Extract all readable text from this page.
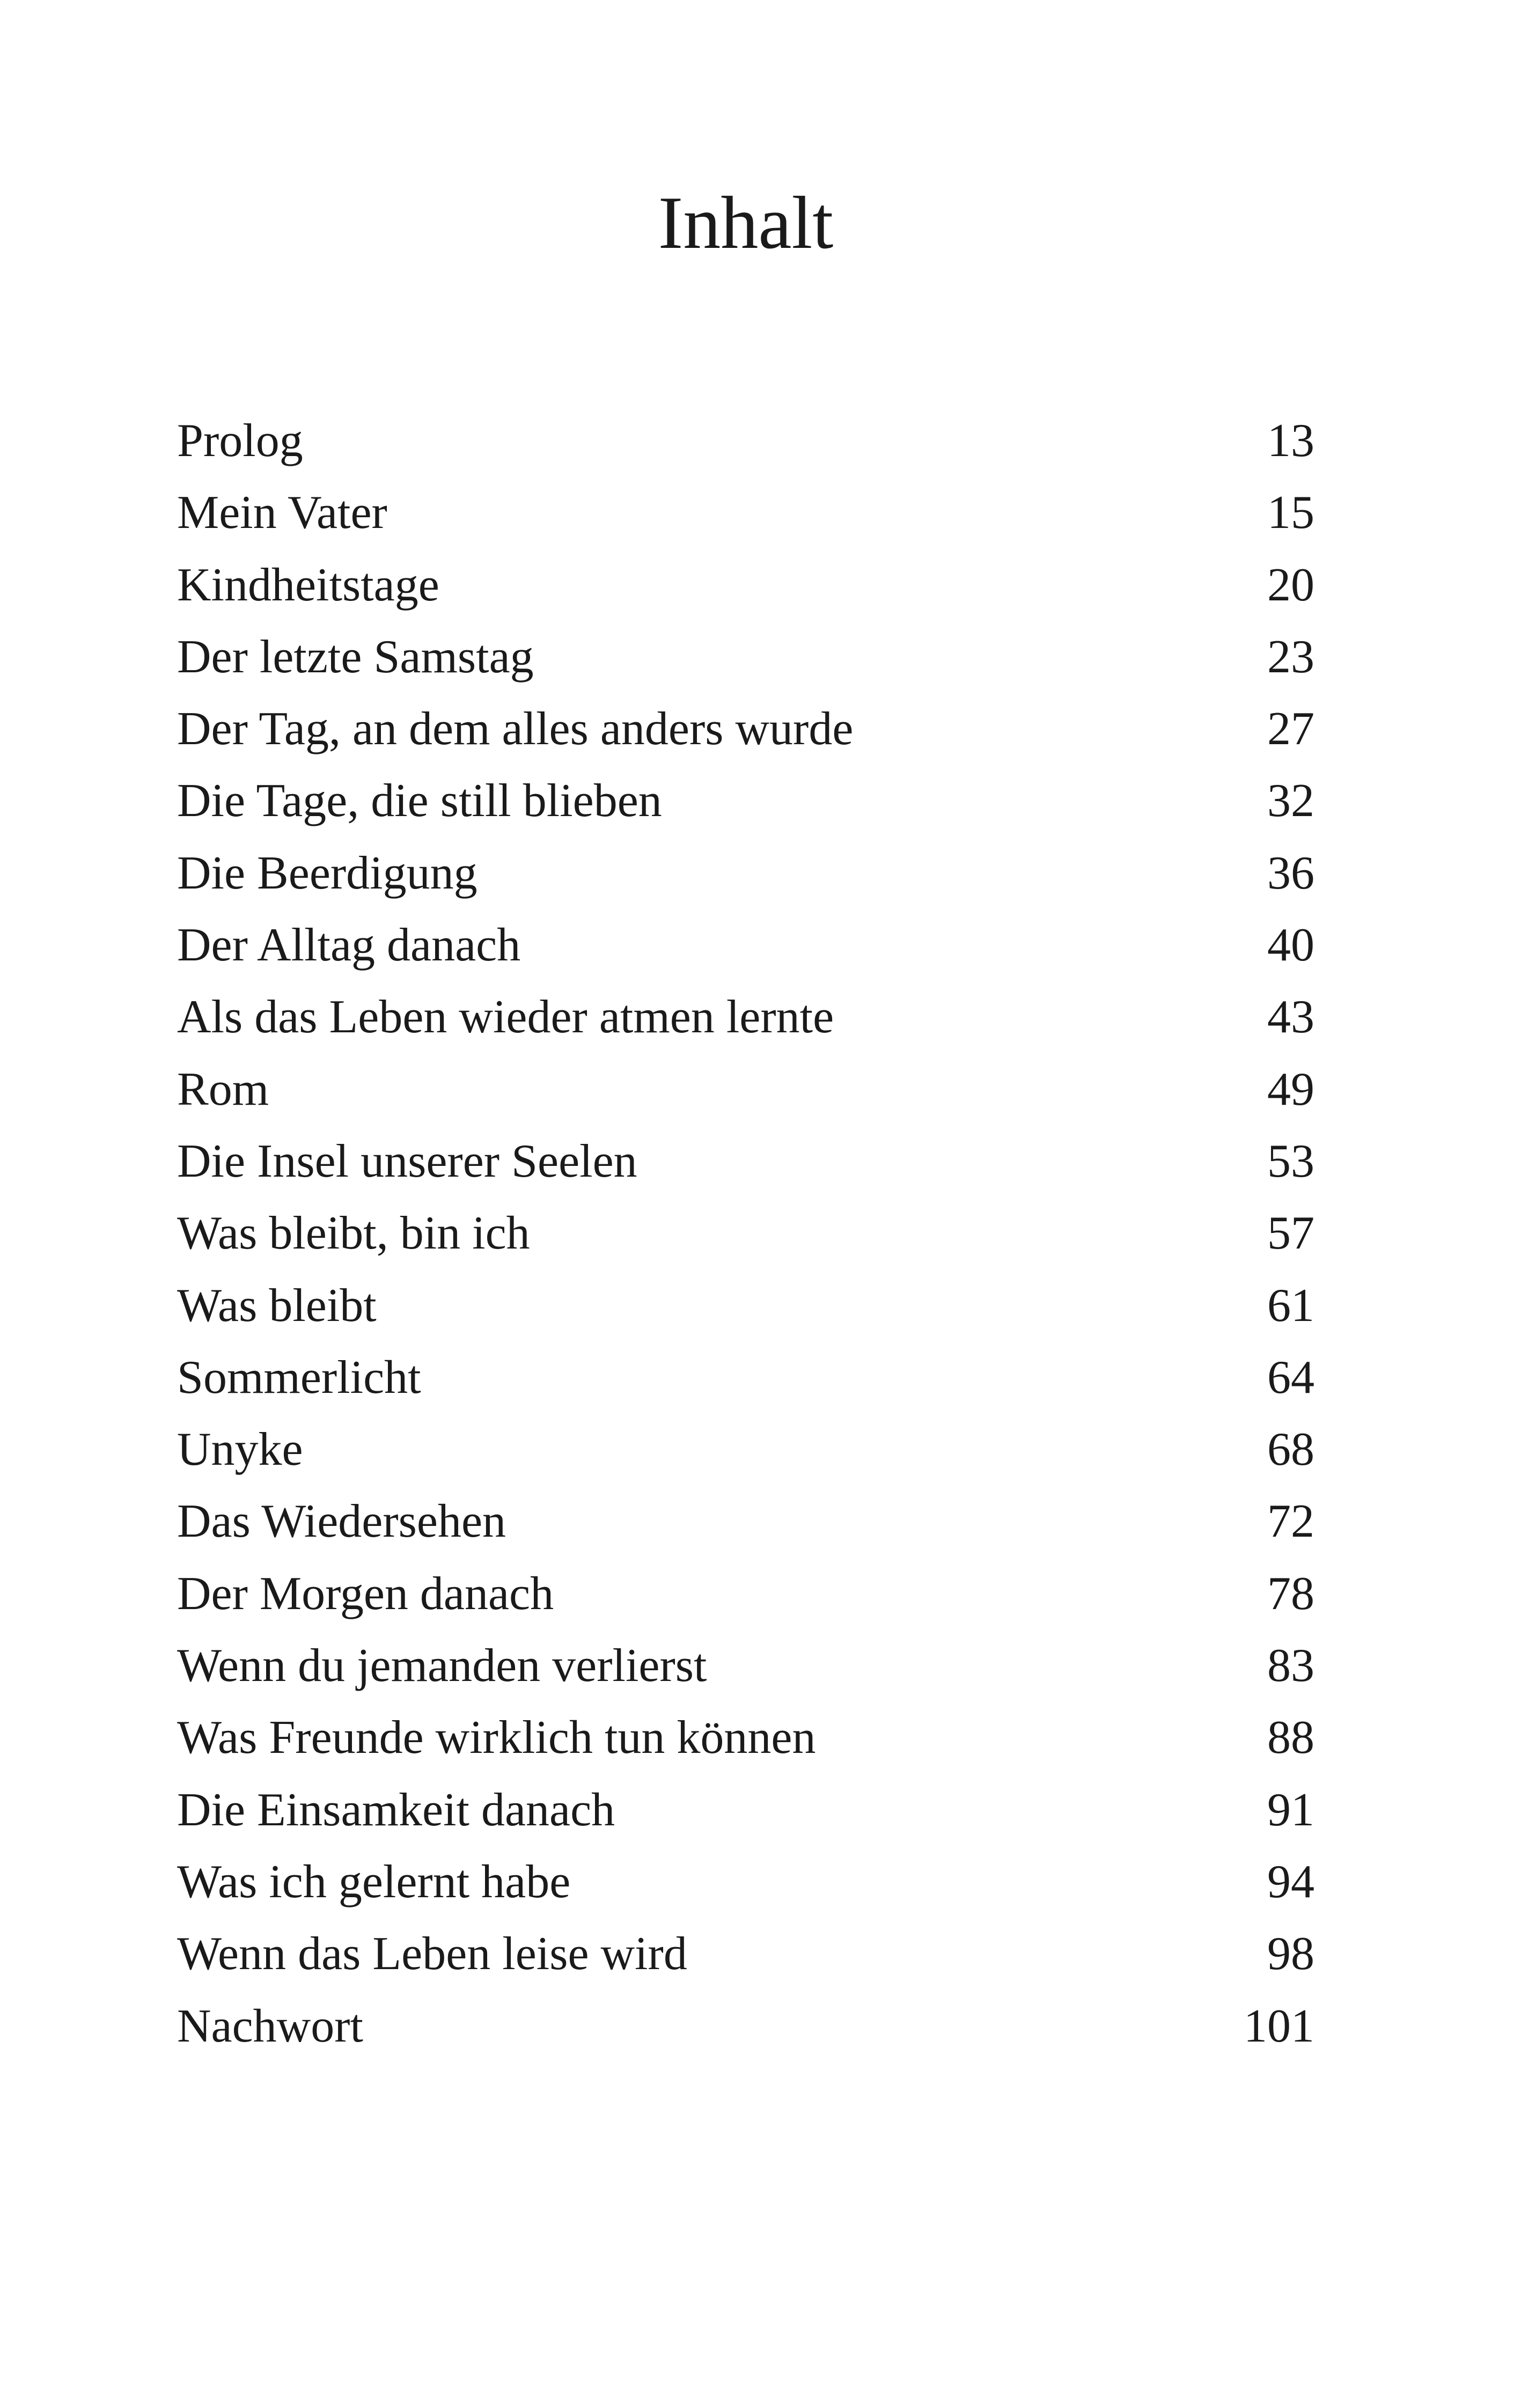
Inhalt
Prolog	13
Mein Vater	15
Kindheitstage	20
Der letzte Samstag	23
Der Tag, an dem alles anders wurde	27
Die Tage, die still blieben	32
Die Beerdigung	36
Der Alltag danach	40
Als das Leben wieder atmen lernte	43
Rom	49
Die Insel unserer Seelen	53
Was bleibt, bin ich	57
Was bleibt	61
Sommerlicht	64
Unyke	68
Das Wiedersehen	72
Der Morgen danach	78
Wenn du jemanden verlierst	83
Was Freunde wirklich tun können	88
Die Einsamkeit danach	91
Was ich gelernt habe	94
Wenn das Leben leise wird	98
Nachwort	101
